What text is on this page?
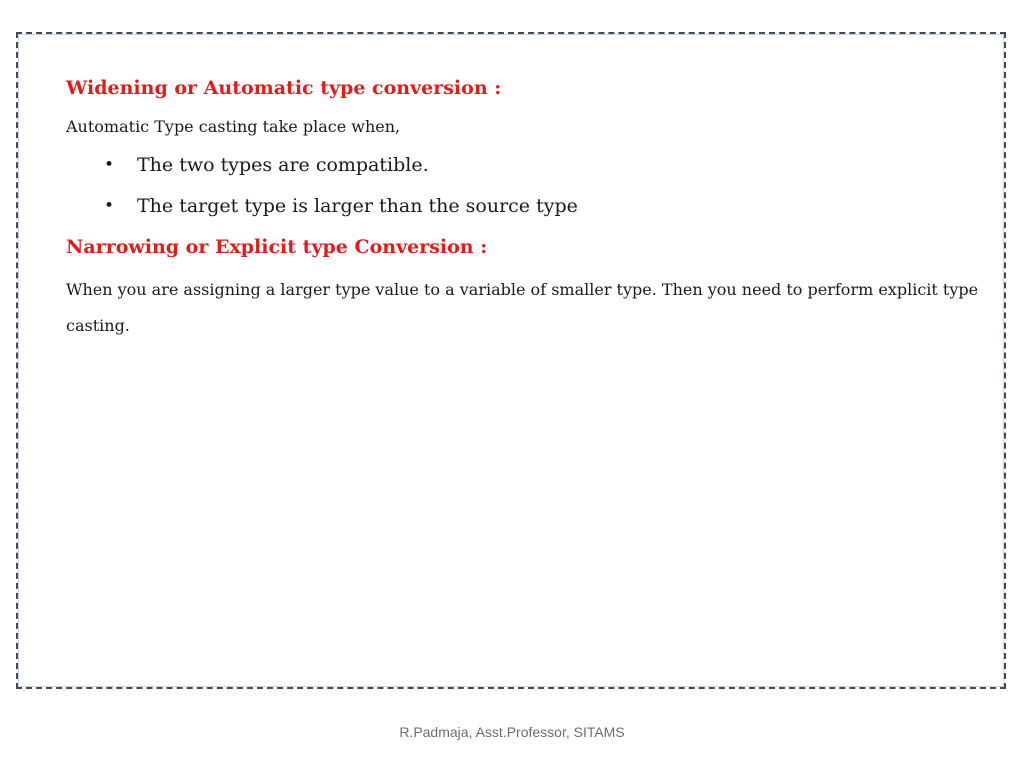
Widening or Automatic type conversion :

Automatic Type casting take place when,

• The two types are compatible.
• The target type is larger than the source type
Narrowing or Explicit type Conversion :

When you are assigning a larger type value to a variable of smaller type. Then you need to perform explicit type casting.

R.Padmaja, Asst.Professor, SITAMS
